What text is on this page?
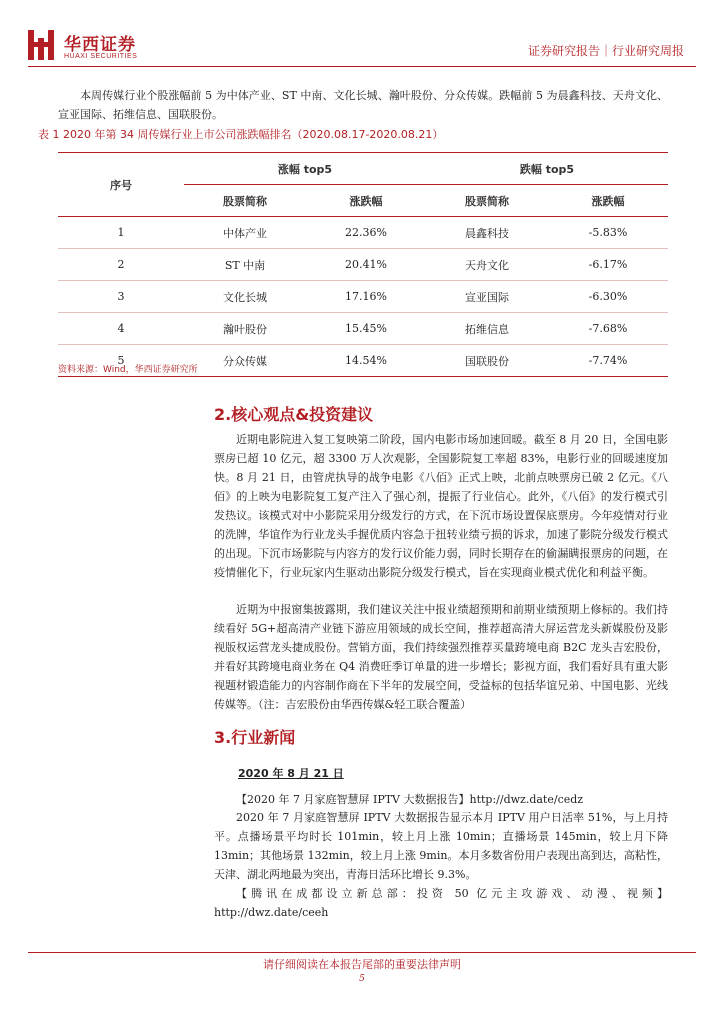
华西证券
HUAXI SECURITIES	证券研究报告｜行业研究周报
本周传媒行业个股涨幅前 5 为中体产业、ST 中南、文化长城、瀚叶股份、分众传媒。跌幅前 5 为晨鑫科技、天舟文化、宣亚国际、拓维信息、国联股份。
表 1 2020 年第 34 周传媒行业上市公司涨跌幅排名（2020.08.17-2020.08.21）
序号	涨幅 top5		跌幅 top5	
	股票简称	涨跌幅	股票简称	涨跌幅
1	中体产业	22.36%	晨鑫科技	-5.83%
2	ST 中南	20.41%	天舟文化	-6.17%
3	文化长城	17.16%	宣亚国际	-6.30%
4	瀚叶股份	15.45%	拓维信息	-7.68%
5	分众传媒	14.54%	国联股份	-7.74%
资料来源：Wind，华西证券研究所
2.核心观点&投资建议
近期电影院进入复工复映第二阶段，国内电影市场加速回暖。截至 8 月 20 日，全国电影票房已超 10 亿元，超 3300 万人次观影，全国影院复工率超 83%，电影行业的回暖速度加快。8 月 21 日，由管虎执导的战争电影《八佰》正式上映，北前点映票房已破 2 亿元。《八佰》的上映为电影院复工复产注入了强心剂，提振了行业信心。此外，《八佰》的发行模式引发热议。该模式对中小影院采用分级发行的方式，在下沉市场设置保底票房。今年疫情对行业的洗牌，华谊作为行业龙头手握优质内容急于扭转业绩亏损的诉求，加速了影院分级发行模式的出现。下沉市场影院与内容方的发行议价能力弱，同时长期存在的偷漏瞒报票房的问题，在疫情催化下，行业玩家内生驱动出影院分级发行模式，旨在实现商业模式优化和利益平衡。
近期为中报窗集披露期，我们建议关注中报业绩超预期和前期业绩预期上修标的。我们持续看好 5G+超高清产业链下游应用领域的成长空间，推荐超高清大屏运营龙头新媒股份及影视版权运营龙头捷成股份。营销方面，我们持续强烈推荐买量跨境电商 B2C 龙头吉宏股份，并看好其跨境电商业务在 Q4 消费旺季订单量的进一步增长；影视方面，我们看好具有重大影视题材锻造能力的内容制作商在下半年的发展空间，受益标的包括华谊兄弟、中国电影、光线传媒等。（注：吉宏股份由华西传媒&轻工联合覆盖）
3.行业新闻
2020 年 8 月 21 日
【2020 年 7 月家庭智慧屏 IPTV 大数据报告】http://dwz.date/cedz
2020 年 7 月家庭智慧屏 IPTV 大数据报告显示本月 IPTV 用户日活率 51%，与上月持平。点播场景平均时长 101min，较上月上涨 10min；直播场景 145min，较上月下降 13min；其他场景 132min，较上月上涨 9min。本月多数省份用户表现出高到达，高粘性，天津、湖北两地最为突出，青海日活环比增长 9.3%。
【腾讯在成都设立新总部：投资 50 亿元主攻游戏、动漫、视频】http://dwz.date/ceeh
请仔细阅读在本报告尾部的重要法律声明
5
